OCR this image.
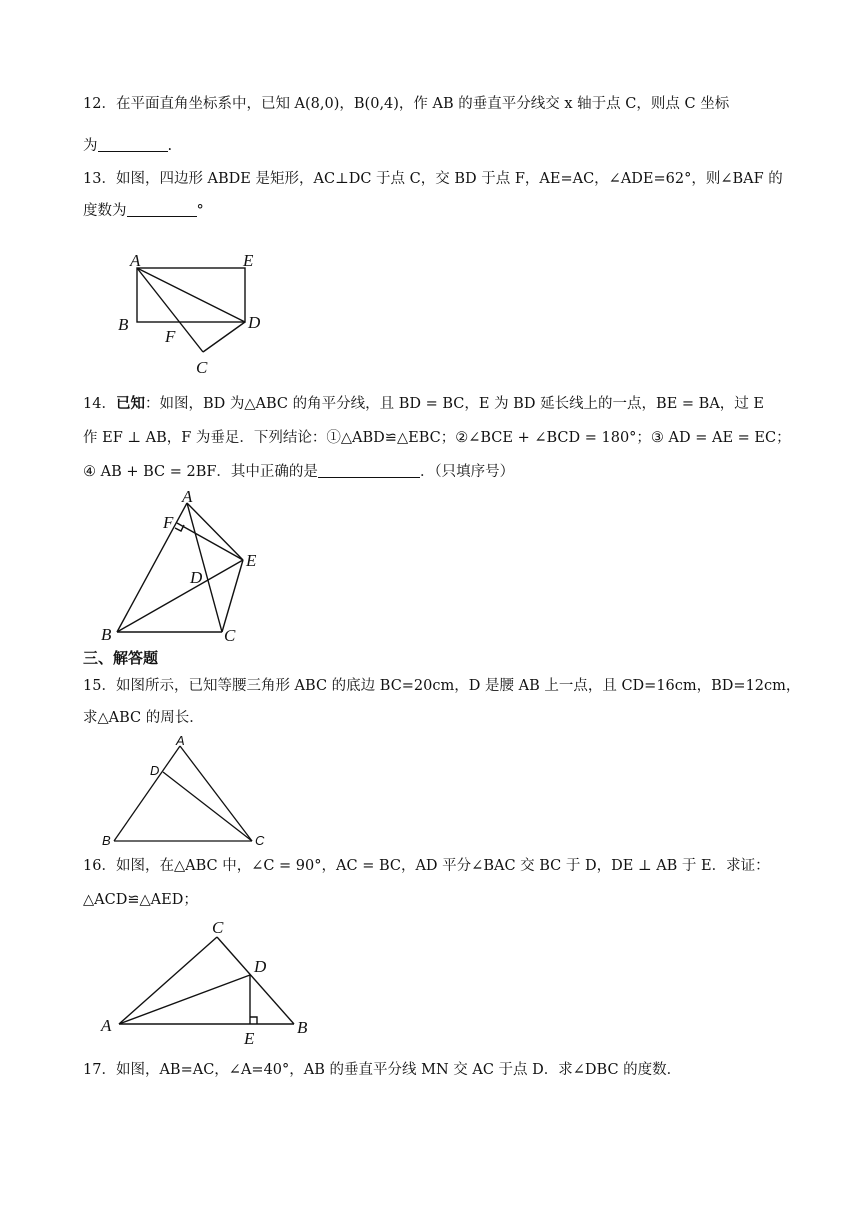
12．在平面直角坐标系中，已知 A(8,0)，B(0,4)，作 AB 的垂直平分线交 x 轴于点 C，则点 C 坐标
为	.
13．如图，四边形 ABDE 是矩形，AC⊥DC 于点 C，交 BD 于点 F，AE=AC，∠ADE=62°，则∠BAF 的
度数为	°
A	E
B
F
D
C
14．已知：如图，BD 为△ABC 的角平分线，且 BD = BC，E 为 BD 延长线上的一点，BE = BA，过 E
作 EF ⊥ AB，F 为垂足．下列结论：①△ABD≌△EBC；②∠BCE + ∠BCD = 180°；③ AD = AE = EC；
④ AB + BC = 2BF．其中正确的是	．（只填序号）
A
F
E
D
B	C
三、解答题
15．如图所示，已知等腰三角形 ABC 的底边 BC=20cm，D 是腰 AB 上一点，且 CD=16cm，BD=12cm，
求△ABC 的周长．
A
D
B	C
16．如图，在△ABC 中，∠C = 90°，AC = BC，AD 平分∠BAC 交 BC 于 D，DE ⊥ AB 于 E．求证：
△ACD≌△AED；
C
D
A
E
B
17．如图，AB=AC，∠A=40°，AB 的垂直平分线 MN 交 AC 于点 D．求∠DBC 的度数．
